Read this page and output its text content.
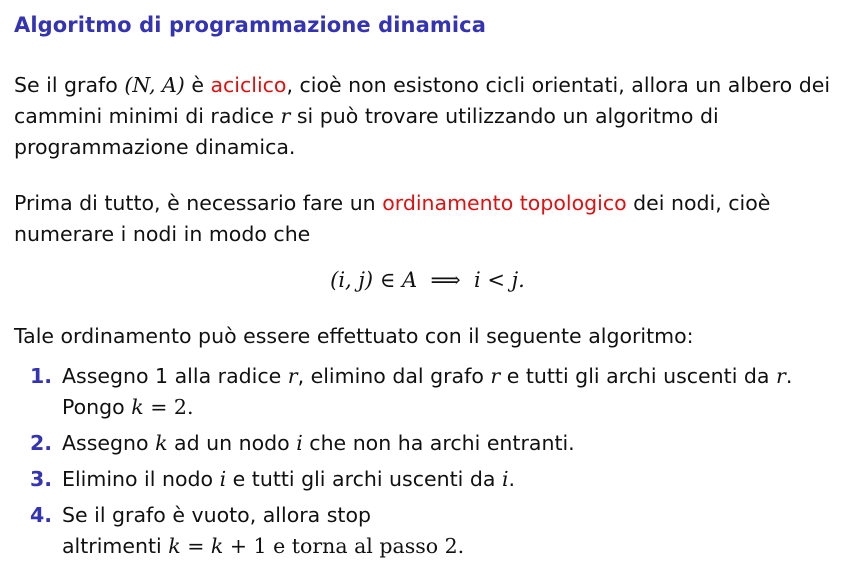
Algoritmo di programmazione dinamica
Se il grafo (N, A) è aciclico, cioè non esistono cicli orientati, allora un albero dei
cammini minimi di radice r si può trovare utilizzando un algoritmo di
programmazione dinamica.
Prima di tutto, è necessario fare un ordinamento topologico dei nodi, cioè
numerare i nodi in modo che
(i, j) ∈ A  ⟹ i < j.
Tale ordinamento può essere effettuato con il seguente algoritmo:
1. Assegno 1 alla radice r, elimino dal grafo r e tutti gli archi uscenti da r.
Pongo k = 2.
2. Assegno k ad un nodo i che non ha archi entranti.
3. Elimino il nodo i e tutti gli archi uscenti da i.
4. Se il grafo è vuoto, allora stop
altrimenti k = k + 1 e torna al passo 2.
